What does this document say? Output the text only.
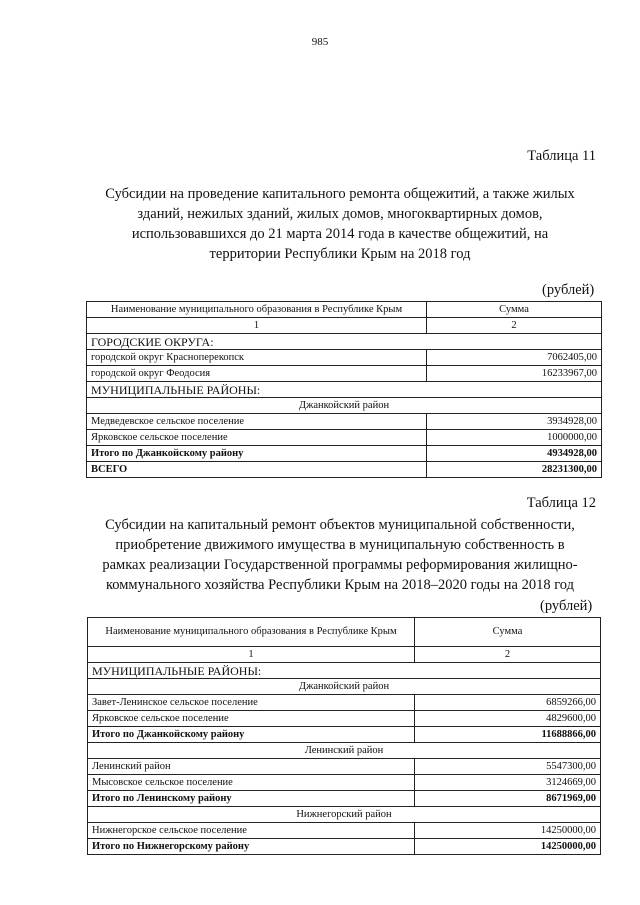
985
Таблица 11
Субсидии на проведение капитального ремонта общежитий, а также жилых
зданий, нежилых зданий, жилых домов, многоквартирных домов,
использовавшихся до 21 марта 2014 года в качестве общежитий, на
территории Республики Крым на 2018 год
(рублей)
Наименование муниципального образования в Республике Крым	Сумма
1	2
ГОРОДСКИЕ ОКРУГА:	
городской округ Красноперекопск	7062405,00
городской округ Феодосия	16233967,00
МУНИЦИПАЛЬНЫЕ РАЙОНЫ:	
Джанкойский район	
Медведевское сельское поселение	3934928,00
Ярковское сельское поселение	1000000,00
Итого по Джанкойскому району	4934928,00
ВСЕГО	28231300,00
Таблица 12
Субсидии на капитальный ремонт объектов муниципальной собственности,
приобретение движимого имущества в муниципальную собственность в
рамках реализации Государственной программы реформирования жилищно-
коммунального хозяйства Республики Крым на 2018–2020 годы на 2018 год
(рублей)
Наименование муниципального образования в Республике Крым	Сумма
1	2
МУНИЦИПАЛЬНЫЕ РАЙОНЫ:	
Джанкойский район	
Завет-Ленинское сельское поселение	6859266,00
Ярковское сельское поселение	4829600,00
Итого по Джанкойскому району	11688866,00
Ленинский район	
Ленинский район	5547300,00
Мысовское сельское поселение	3124669,00
Итого по Ленинскому району	8671969,00
Нижнегорский район	
Нижнегорское сельское поселение	14250000,00
Итого по Нижнегорскому району	14250000,00
